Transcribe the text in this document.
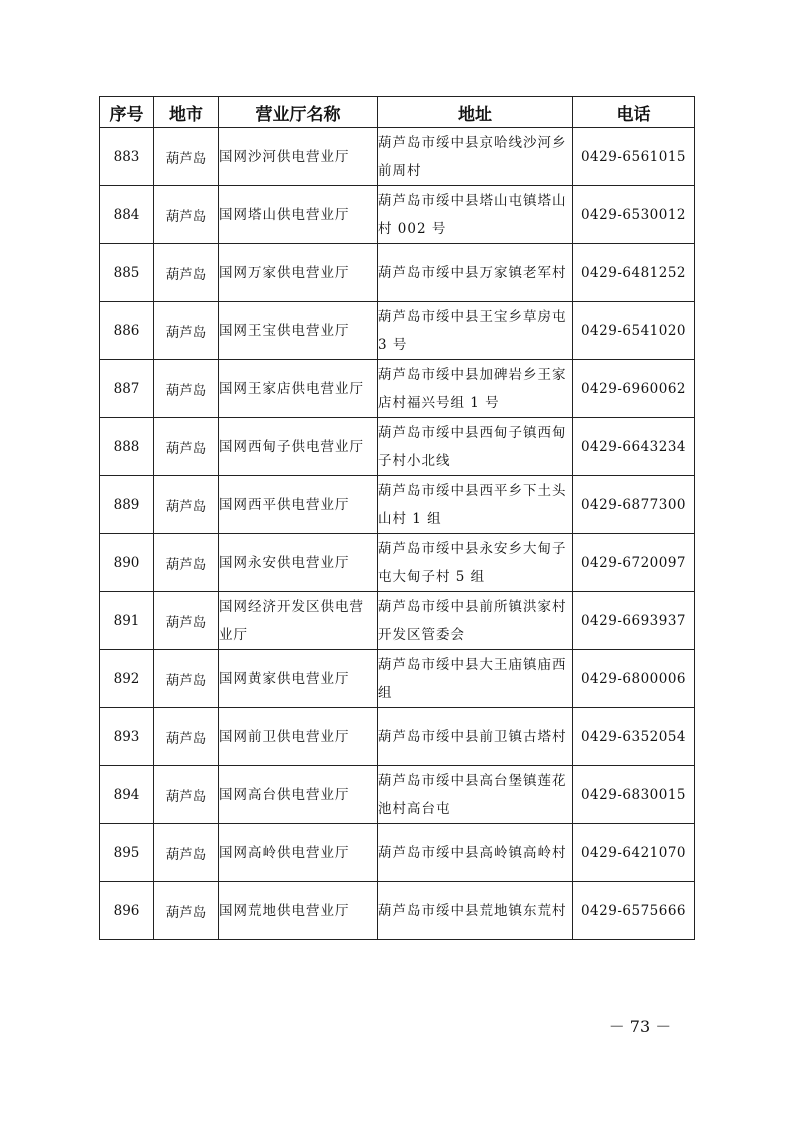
序号	地市	营业厅名称	地址	电话
883	葫芦岛	国网沙河供电营业厅	葫芦岛市绥中县京哈线沙河乡前周村	0429-6561015
884	葫芦岛	国网塔山供电营业厅	葫芦岛市绥中县塔山屯镇塔山村 002 号	0429-6530012
885	葫芦岛	国网万家供电营业厅	葫芦岛市绥中县万家镇老军村	0429-6481252
886	葫芦岛	国网王宝供电营业厅	葫芦岛市绥中县王宝乡草房屯 3 号	0429-6541020
887	葫芦岛	国网王家店供电营业厅	葫芦岛市绥中县加碑岩乡王家店村福兴号组 1 号	0429-6960062
888	葫芦岛	国网西甸子供电营业厅	葫芦岛市绥中县西甸子镇西甸子村小北线	0429-6643234
889	葫芦岛	国网西平供电营业厅	葫芦岛市绥中县西平乡下土头山村 1 组	0429-6877300
890	葫芦岛	国网永安供电营业厅	葫芦岛市绥中县永安乡大甸子屯大甸子村 5 组	0429-6720097
891	葫芦岛	国网经济开发区供电营业厅	葫芦岛市绥中县前所镇洪家村开发区管委会	0429-6693937
892	葫芦岛	国网黄家供电营业厅	葫芦岛市绥中县大王庙镇庙西组	0429-6800006
893	葫芦岛	国网前卫供电营业厅	葫芦岛市绥中县前卫镇古塔村	0429-6352054
894	葫芦岛	国网高台供电营业厅	葫芦岛市绥中县高台堡镇莲花池村高台屯	0429-6830015
895	葫芦岛	国网高岭供电营业厅	葫芦岛市绥中县高岭镇高岭村	0429-6421070
896	葫芦岛	国网荒地供电营业厅	葫芦岛市绥中县荒地镇东荒村	0429-6575666
－ 73 －
